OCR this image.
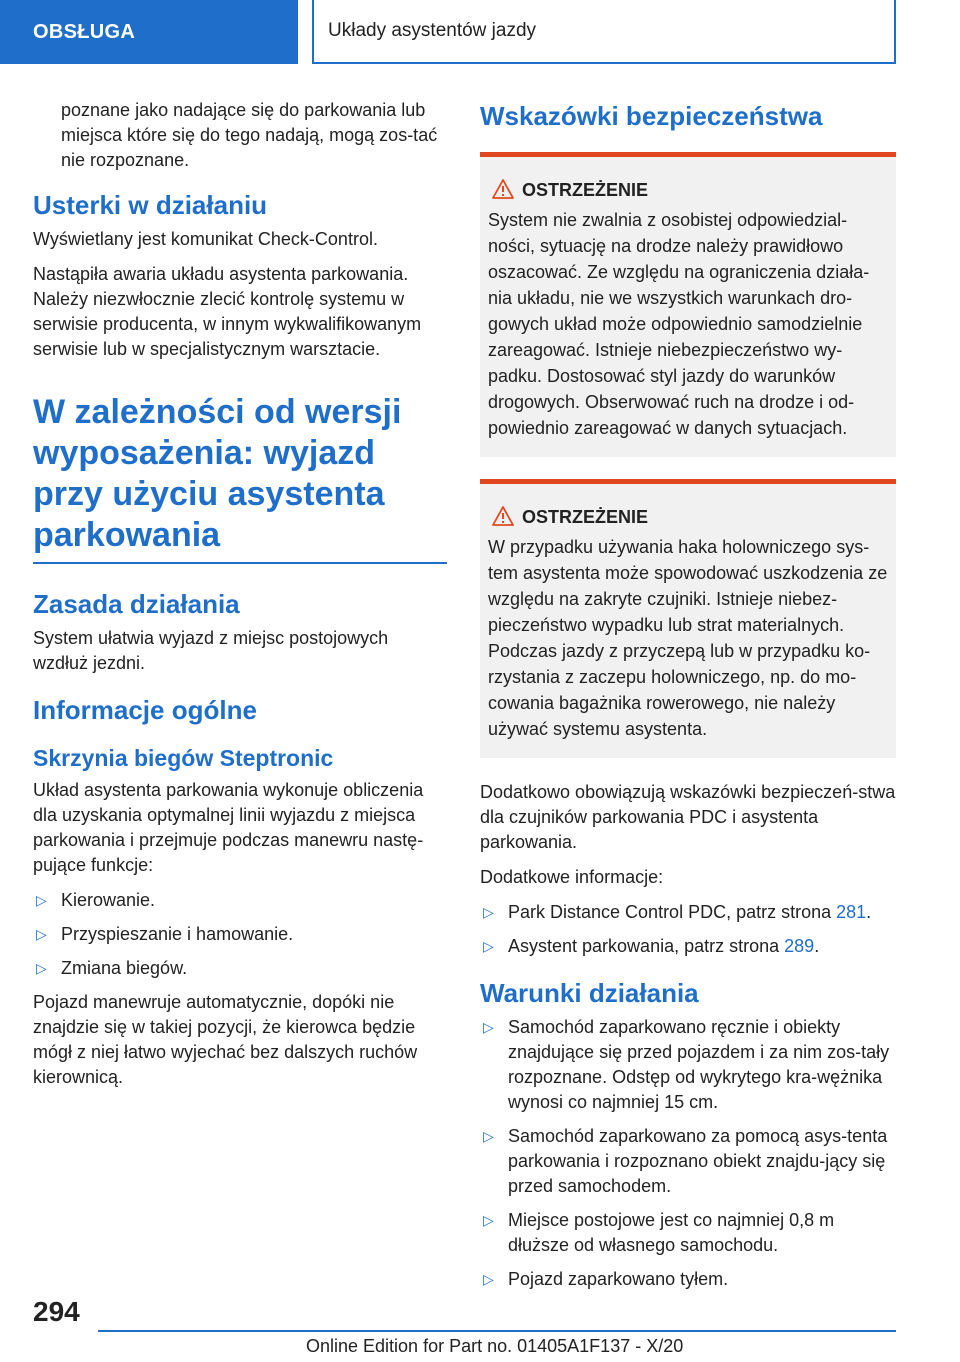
OBSŁUGA	Układy asystentów jazdy

poznane jako nadające się do parkowania lub miejsca które się do tego nadają, mogą zos-tać nie rozpoznane.

Usterki w działaniu

Wyświetlany jest komunikat Check-Control.

Nastąpiła awaria układu asystenta parkowania. Należy niezwłocznie zlecić kontrolę systemu w serwisie producenta, w innym wykwalifikowanym serwisie lub w specjalistycznym warsztacie.

W zależności od wersji wyposażenia: wyjazd przy użyciu asystenta parkowania
Zasada działania

System ułatwia wyjazd z miejsc postojowych wzdłuż jezdni.

Informacje ogólne
Skrzynia biegów Steptronic

Układ asystenta parkowania wykonuje obliczenia dla uzyskania optymalnej linii wyjazdu z miejsca parkowania i przejmuje podczas manewru nastę-pujące funkcje:

▷ Kierowanie.
▷ Przyspieszanie i hamowanie.
▷ Zmiana biegów.

Pojazd manewruje automatycznie, dopóki nie znajdzie się w takiej pozycji, że kierowca będzie mógł z niej łatwo wyjechać bez dalszych ruchów kierownicą.

Wskazówki bezpieczeństwa
OSTRZEŻENIE

System nie zwalnia z osobistej odpowiedzial-ności, sytuację na drodze należy prawidłowo oszacować. Ze względu na ograniczenia działa-nia układu, nie we wszystkich warunkach dro-gowych układ może odpowiednio samodzielnie zareagować. Istnieje niebezpieczeństwo wy-padku. Dostosować styl jazdy do warunków drogowych. Obserwować ruch na drodze i od-powiednio zareagować w danych sytuacjach.

OSTRZEŻENIE

W przypadku używania haka holowniczego sys-tem asystenta może spowodować uszkodzenia ze względu na zakryte czujniki. Istnieje niebez-pieczeństwo wypadku lub strat materialnych. Podczas jazdy z przyczepą lub w przypadku ko-rzystania z zaczepu holowniczego, np. do mo-cowania bagażnika rowerowego, nie należy używać systemu asystenta.

Dodatkowo obowiązują wskazówki bezpieczeń-stwa dla czujników parkowania PDC i asystenta parkowania.

Dodatkowe informacje:

▷ Park Distance Control PDC, patrz strona 281.
▷ Asystent parkowania, patrz strona 289.
Warunki działania
▷ Samochód zaparkowano ręcznie i obiekty znajdujące się przed pojazdem i za nim zos-tały rozpoznane. Odstęp od wykrytego kra-wężnika wynosi co najmniej 15 cm.
▷ Samochód zaparkowano za pomocą asys-tenta parkowania i rozpoznano obiekt znajdu-jący się przed samochodem.
▷ Miejsce postojowe jest co najmniej 0,8 m dłuższe od własnego samochodu.
▷ Pojazd zaparkowano tyłem.
294
Online Edition for Part no. 01405A1F137 - X/20
